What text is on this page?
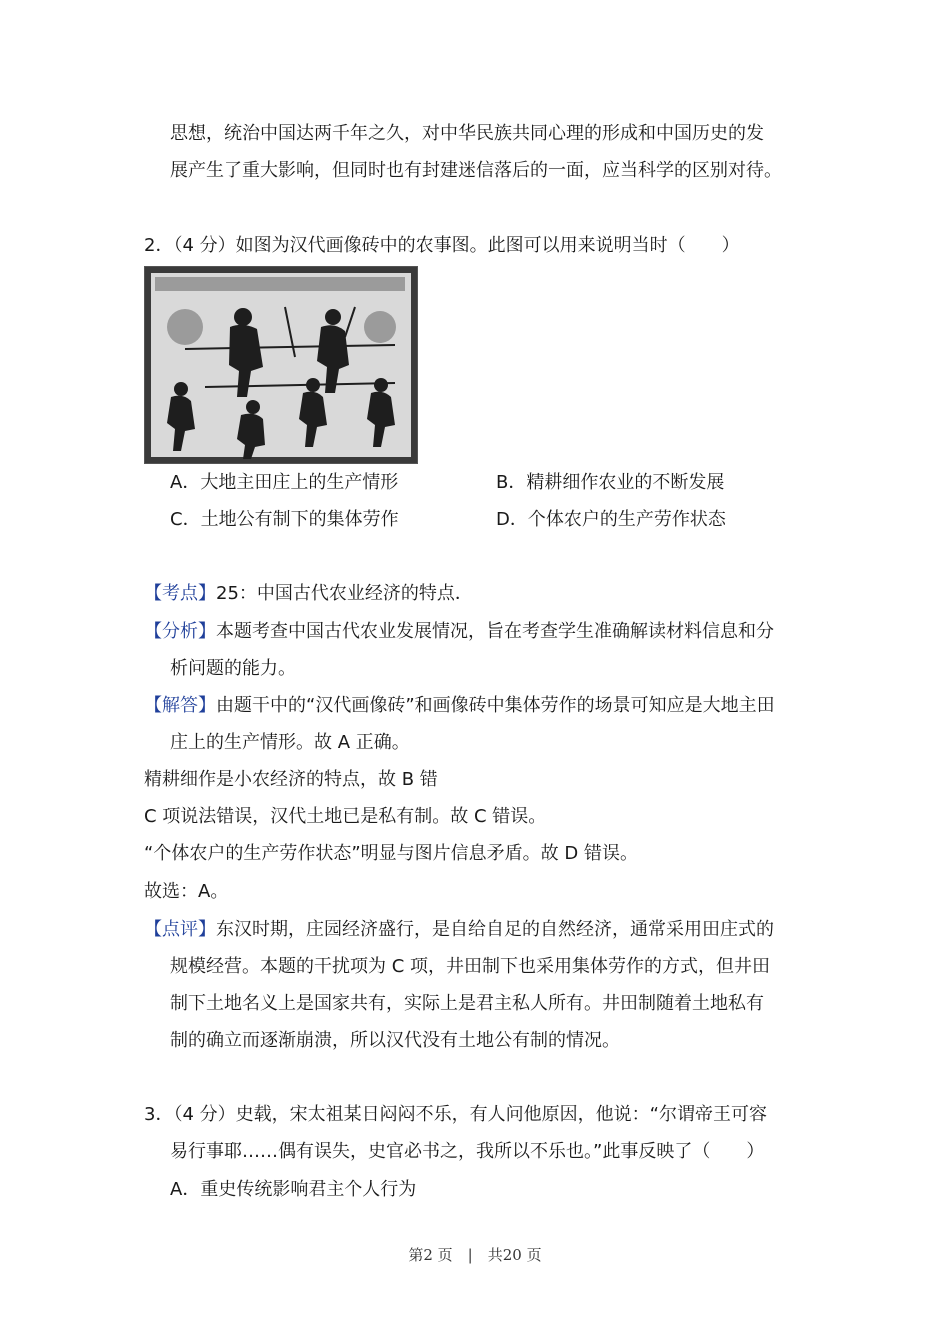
思想，统治中国达两千年之久，对中华民族共同心理的形成和中国历史的发
展产生了重大影响，但同时也有封建迷信落后的一面，应当科学的区别对待。
2．（4 分）如图为汉代画像砖中的农事图。此图可以用来说明当时（　　）
A．大地主田庄上的生产情形	B．精耕细作农业的不断发展
C．土地公有制下的集体劳作	D．个体农户的生产劳作状态
【考点】25：中国古代农业经济的特点．
【分析】本题考查中国古代农业发展情况，旨在考查学生准确解读材料信息和分
析问题的能力。
【解答】由题干中的“汉代画像砖”和画像砖中集体劳作的场景可知应是大地主田
庄上的生产情形。故 A 正确。
精耕细作是小农经济的特点，故 B 错
C 项说法错误，汉代土地已是私有制。故 C 错误。
“个体农户的生产劳作状态”明显与图片信息矛盾。故 D 错误。
故选：A。
【点评】东汉时期，庄园经济盛行，是自给自足的自然经济，通常采用田庄式的
规模经营。本题的干扰项为 C 项，井田制下也采用集体劳作的方式，但井田
制下土地名义上是国家共有，实际上是君主私人所有。井田制随着土地私有
制的确立而逐渐崩溃，所以汉代没有土地公有制的情况。
3．（4 分）史载，宋太祖某日闷闷不乐，有人问他原因，他说：“尔谓帝王可容
易行事耶……偶有误失，史官必书之，我所以不乐也。”此事反映了（　　）
A．重史传统影响君主个人行为
第2 页　|　共20 页
